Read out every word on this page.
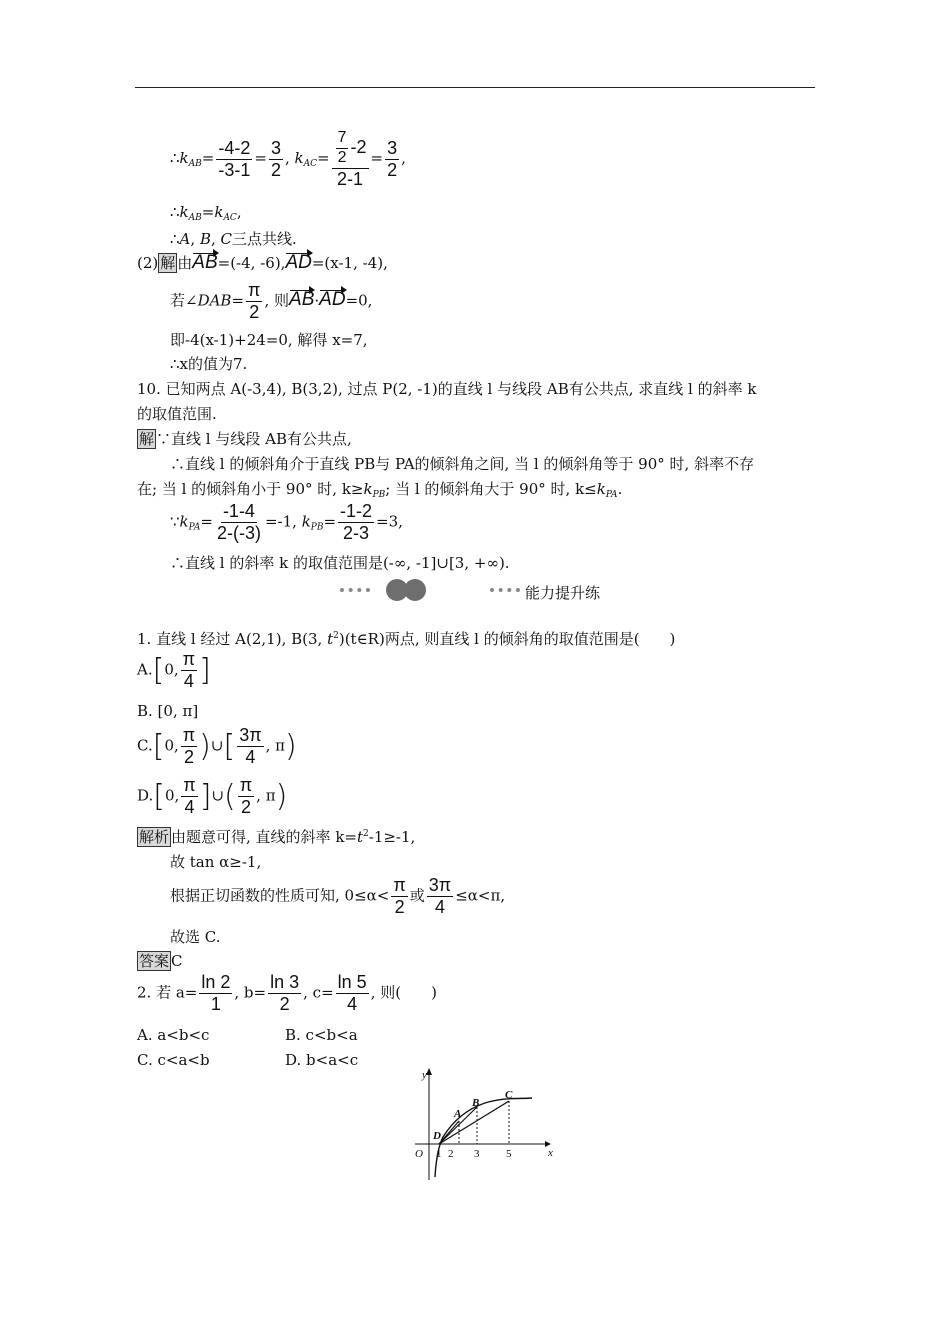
$\therefore k_{AB}= \frac{-4-2}{-3-1} = \frac{3}{2}$ , $k_{AC}= \frac{\frac{7}{2} -2}{2-1} = \frac{3}{2}$ ,
$\therefore k_{AB}=k_{AC}$,
∴A, B, C三点共线.
(2) 解 由AB=(-4, -6),AD=(x-1, -4),
若∠DAB= $\frac{\pi}{2}$ , 则AB·AD=0,
即-4(x-1)+24=0, 解得 x=7,
∴x的值为7.
10. 已知两点 A(-3,4), B(3,2), 过点 P(2, -1)的直线 l 与线段 AB有公共点, 求直线 l 的斜率 k
的取值范围.
解 ∵直线 l 与线段 AB有公共点,
∴直线 l 的倾斜角介于直线 PB与 PA的倾斜角之间, 当 l 的倾斜角等于 90° 时, 斜率不存
在; 当 l 的倾斜角小于 90° 时, $k\ge k_{PB}$; 当 l 的倾斜角大于 90° 时, $k\le k_{PA}$.
$\because k_{PA}= \frac{-1-4}{2-(-3)} =-1$, $k_{PB}= \frac{-1-2}{2-3} =3$,
∴直线 l 的斜率 k 的取值范围是(-∞, -1]∪[3, +∞).
能力提升练
1. 直线 l 经过 A(2,1), B(3, $t^2)(t\in R)$两点, 则直线 l 的倾斜角的取值范围是(　　)
A.[0, $\frac{\pi}{4}$ ]
B. [0, π]
C.[0, $\frac{\pi}{2}$ )∪[ $\frac{3\pi}{4}$ , π)
D.[0, $\frac{\pi}{4}$ ]∪( $\frac{\pi}{2}$ , π)
解析 由题意可得, 直线的斜率 $k=t^2-1\ge-1$,
故 tan α≥-1,
根据正切函数的性质可知, $0\le\alpha< \frac{\pi}{2}$ 或 $\frac{3\pi}{4} \le\alpha<\pi$,
故选 C.
答案 C
2. 若 $a= \frac{\ln 2}{1}$ , $b= \frac{\ln 3}{2}$ , $c= \frac{\ln 5}{4}$ , 则(　　)
A. a<b<c	B. c<b<a
C. c<a<b	D. b<a<c
y
x
O
A
B
C
D
1 2 3 5
